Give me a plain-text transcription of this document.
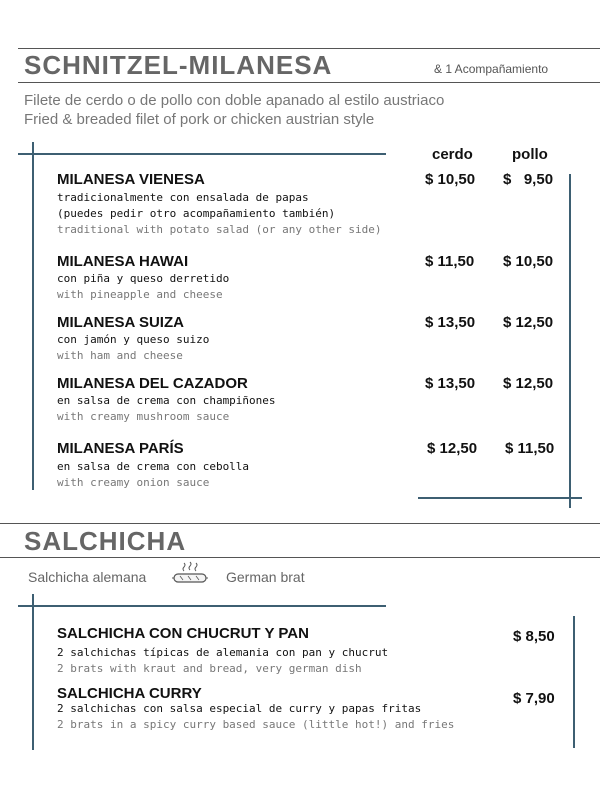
SCHNITZEL-MILANESA	& 1 Acompañamiento
Filete de cerdo o de pollo con doble apanado al estilo austriaco
Fried & breaded filet of pork or chicken austrian style
cerdo	pollo
MILANESA VIENESA
tradicionalmente con ensalada de papas
(puedes pedir otro acompañamiento también)
traditional with potato salad (or any other side)
$ 10,50 $   9,50
MILANESA HAWAI
con piña y queso derretido
with pineapple and cheese
$ 11,50 $ 10,50
MILANESA SUIZA
con jamón y queso suizo
with ham and cheese
$ 13,50 $ 12,50
MILANESA DEL CAZADOR
en salsa de crema con champiñones
with creamy mushroom sauce
$ 13,50 $ 12,50
MILANESA PARÍS
en salsa de crema con cebolla
with creamy onion sauce
$ 12,50 $ 11,50
SALCHICHA
Salchicha alemana	German brat
SALCHICHA CON CHUCRUT Y PAN
2 salchichas típicas de alemania con pan y chucrut
2 brats with kraut and bread, very german dish
$ 8,50
SALCHICHA CURRY
2 salchichas con salsa especial de curry y papas fritas
2 brats in a spicy curry based sauce (little hot!) and fries
$ 7,90
